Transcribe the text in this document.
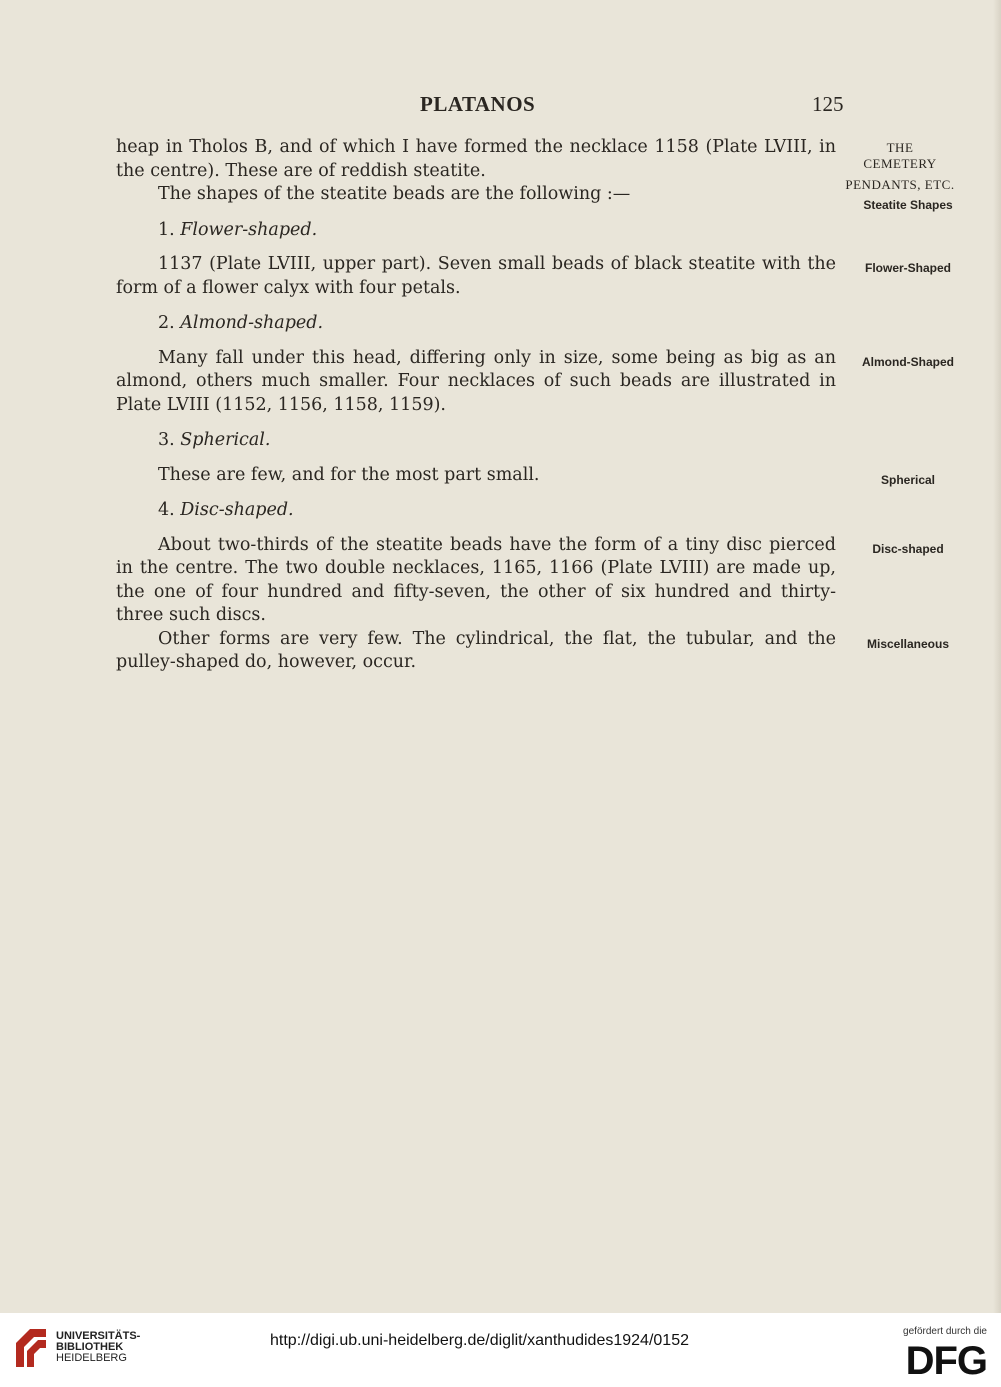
PLATANOS	125

heap in Tholos B, and of which I have formed the necklace 1158 (Plate LVIII, in the centre). These are of reddish steatite.

The shapes of the steatite beads are the following :—

1. Flower-shaped.

1137 (Plate LVIII, upper part). Seven small beads of black steatite with the form of a flower calyx with four petals.

2. Almond-shaped.

Many fall under this head, differing only in size, some being as big as an almond, others much smaller. Four necklaces of such beads are illustrated in Plate LVIII (1152, 1156, 1158, 1159).

3. Spherical.

These are few, and for the most part small.

4. Disc-shaped.

About two-thirds of the steatite beads have the form of a tiny disc pierced in the centre. The two double necklaces, 1165, 1166 (Plate LVIII) are made up, the one of four hundred and fifty-seven, the other of six hundred and thirty-three such discs.

Other forms are very few. The cylindrical, the flat, the tubular, and the pulley-shaped do, however, occur.

THE
CEMETERY
PENDANTS, ETC.
Steatite Shapes
Flower-Shaped
Almond-Shaped
Spherical
Disc-shaped
Miscellaneous
UNIVERSITÄTS-
BIBLIOTHEK
HEIDELBERG
http://digi.ub.uni-heidelberg.de/diglit/xanthudides1924/0152
gefördert durch die
DFG
